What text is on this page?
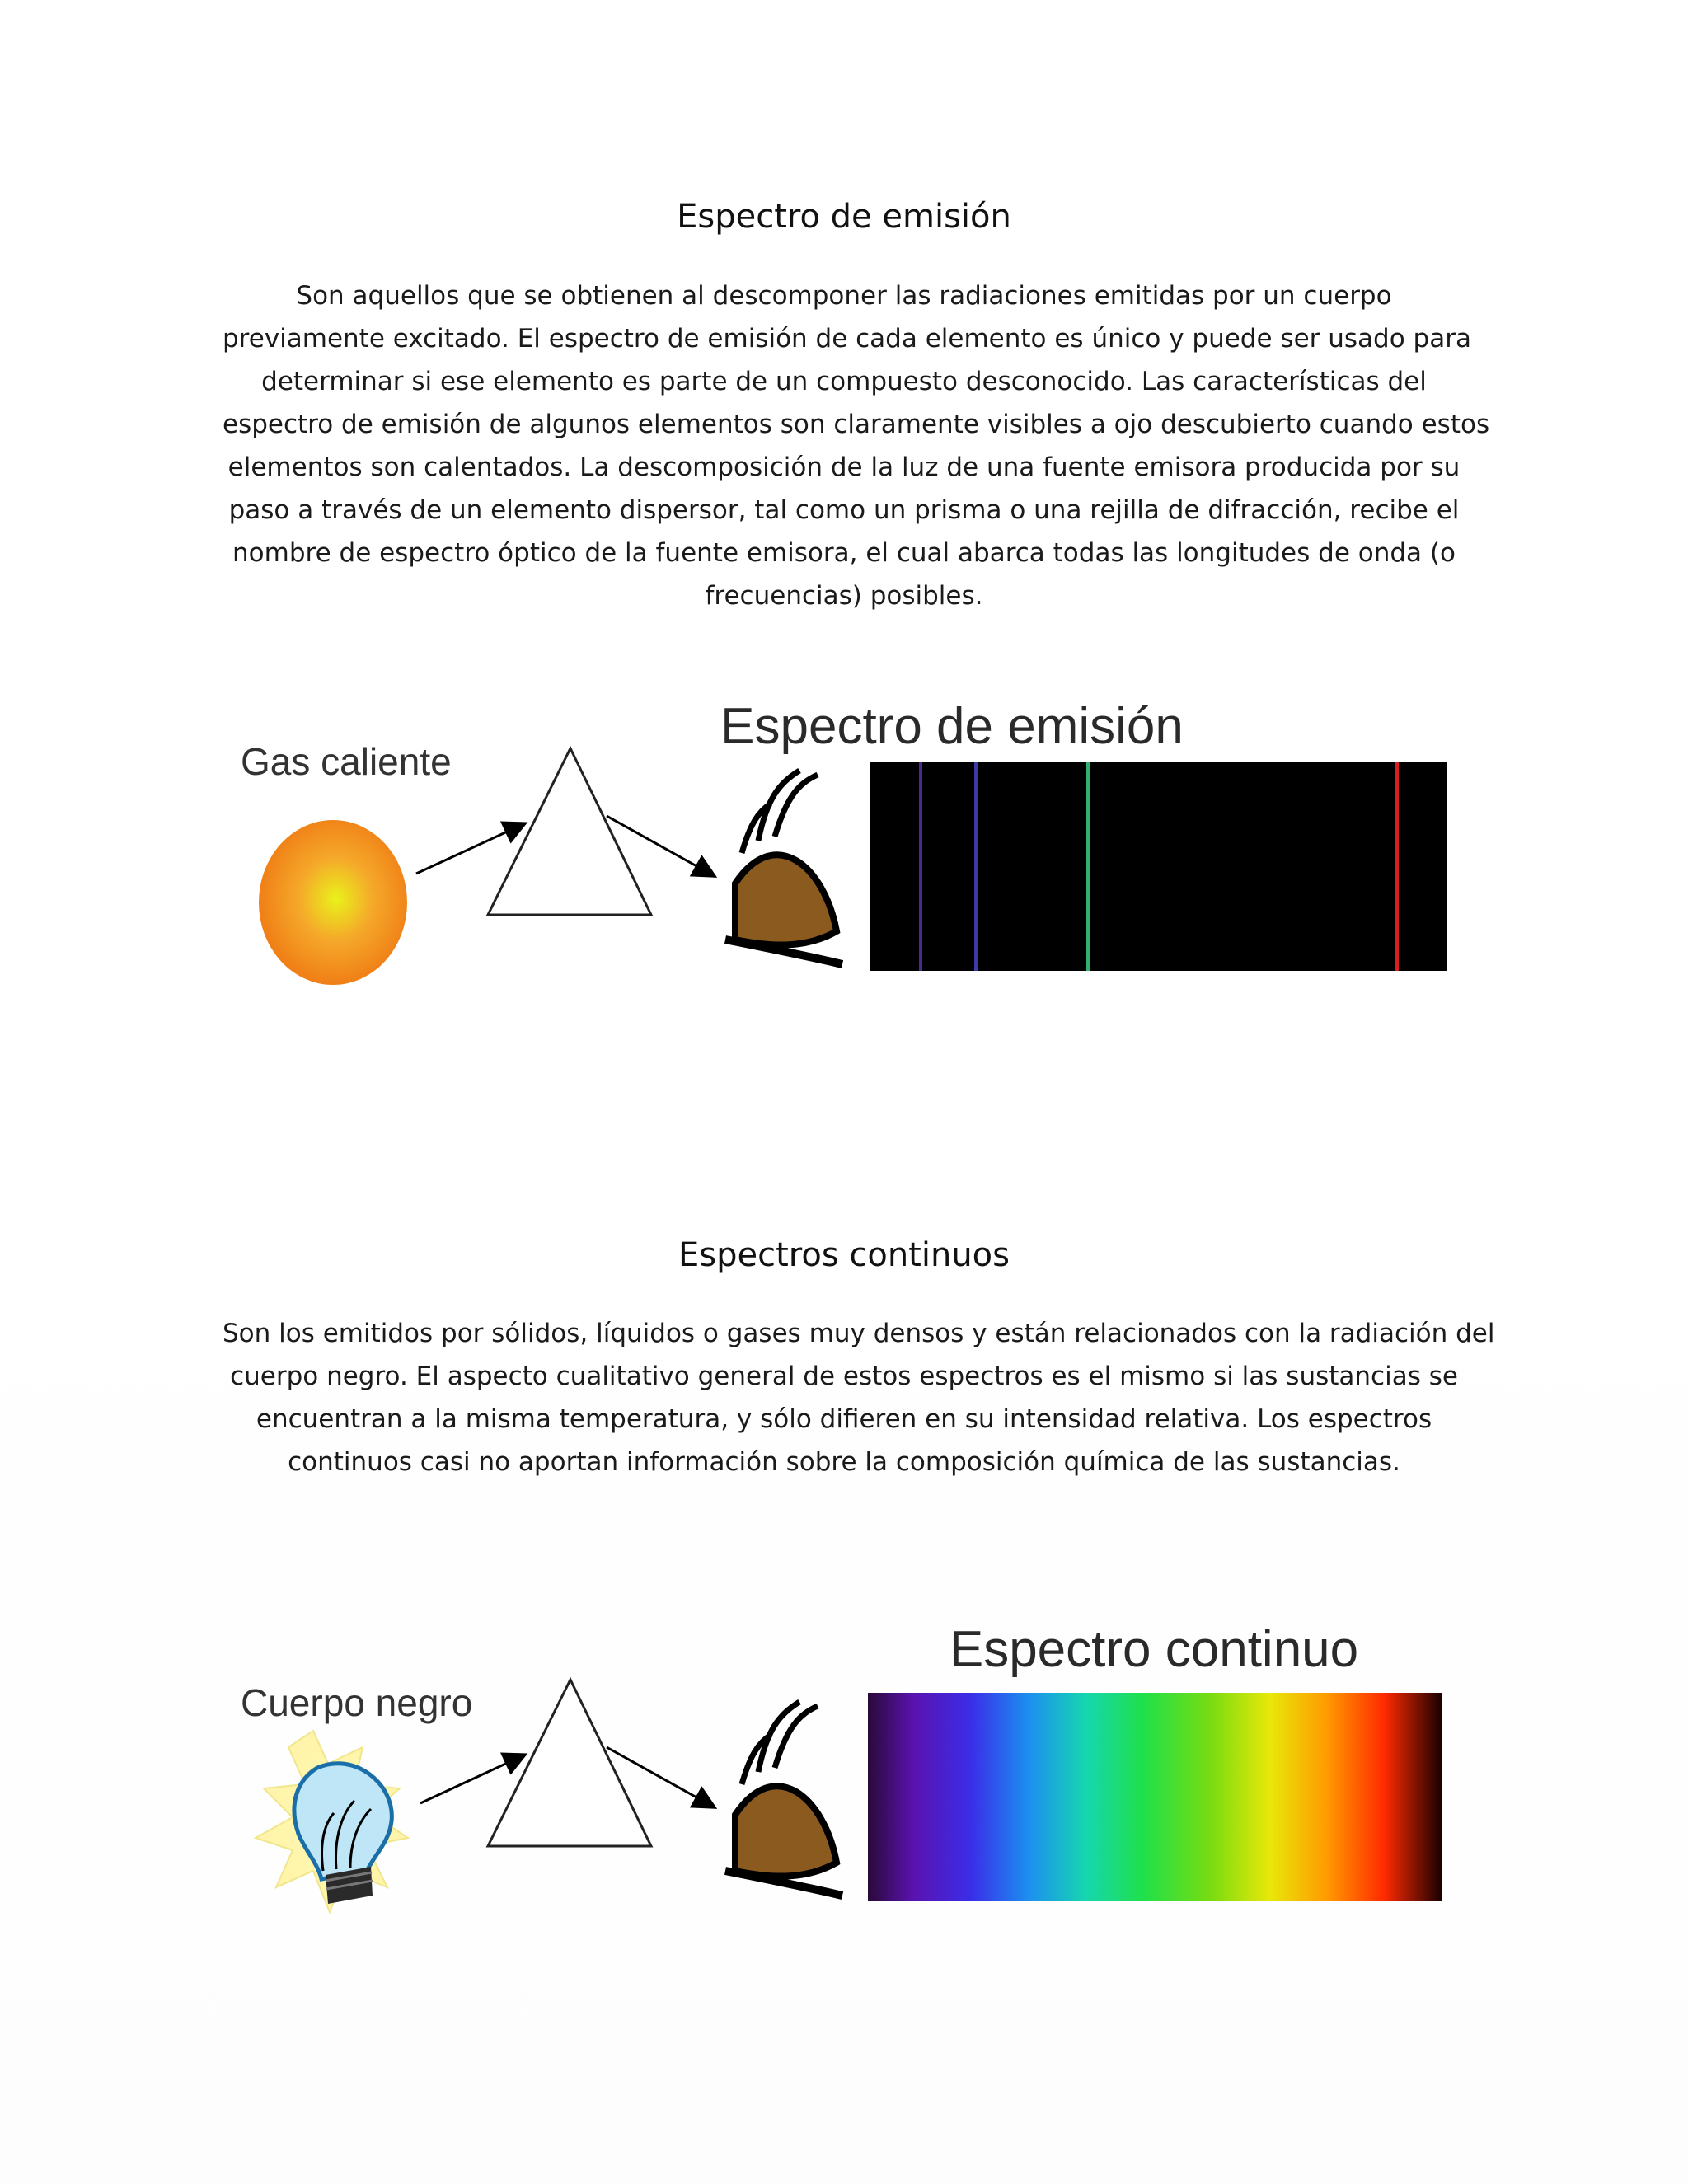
Espectro de emisión

Son aquellos que se obtienen al descomponer las radiaciones emitidas por un cuerpo
previamente excitado. El espectro de emisión de cada elemento es único y puede ser usado para
determinar si ese elemento es parte de un compuesto desconocido. Las características del
espectro de emisión de algunos elementos son claramente visibles a ojo descubierto cuando estos
elementos son calentados. La descomposición de la luz de una fuente emisora producida por su
paso a través de un elemento dispersor, tal como un prisma o una rejilla de difracción, recibe el
nombre de espectro óptico de la fuente emisora, el cual abarca todas las longitudes de onda (o
frecuencias) posibles.

Gas caliente
Espectro de emisión
Espectros continuos

Son los emitidos por sólidos, líquidos o gases muy densos y están relacionados con la radiación del
cuerpo negro. El aspecto cualitativo general de estos espectros es el mismo si las sustancias se
encuentran a la misma temperatura, y sólo difieren en su intensidad relativa. Los espectros
continuos casi no aportan información sobre la composición química de las sustancias.

Cuerpo negro
Espectro continuo
